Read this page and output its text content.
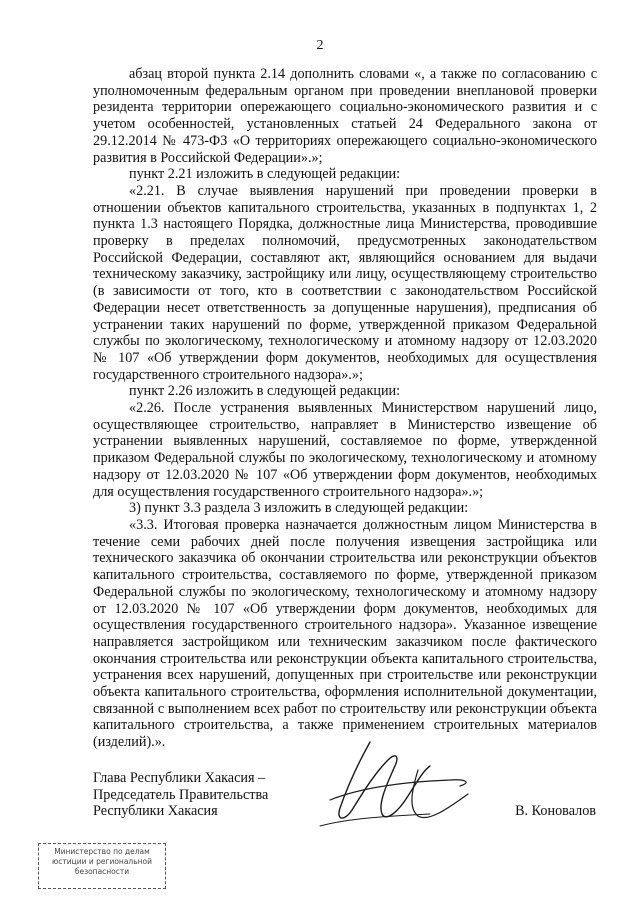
2

абзац второй пункта 2.14 дополнить словами «, а также по согласованию с уполномоченным федеральным органом при проведении внеплановой проверки резидента территории опережающего социально-экономического развития и с учетом особенностей, установленных статьей 24 Федерального закона от 29.12.2014 № 473-ФЗ «О территориях опережающего социально-экономического развития в Российской Федерации».»;

пункт 2.21 изложить в следующей редакции:

«2.21. В случае выявления нарушений при проведении проверки в отношении объектов капитального строительства, указанных в подпунктах 1, 2 пункта 1.3 настоящего Порядка, должностные лица Министерства, проводившие проверку в пределах полномочий, предусмотренных законодательством Российской Федерации, составляют акт, являющийся основанием для выдачи техническому заказчику, застройщику или лицу, осуществляющему строительство (в зависимости от того, кто в соответствии с законодательством Российской Федерации несет ответственность за допущенные нарушения), предписания об устранении таких нарушений по форме, утвержденной приказом Федеральной службы по экологическому, технологическому и атомному надзору от 12.03.2020 № 107 «Об утверждении форм документов, необходимых для осуществления государственного строительного надзора».»;

пункт 2.26 изложить в следующей редакции:

«2.26. После устранения выявленных Министерством нарушений лицо, осуществляющее строительство, направляет в Министерство извещение об устранении выявленных нарушений, составляемое по форме, утвержденной приказом Федеральной службы по экологическому, технологическому и атомному надзору от 12.03.2020 № 107 «Об утверждении форм документов, необходимых для осуществления государственного строительного надзора».»;

3) пункт 3.3 раздела 3 изложить в следующей редакции:

«3.3. Итоговая проверка назначается должностным лицом Министерства в течение семи рабочих дней после получения извещения застройщика или технического заказчика об окончании строительства или реконструкции объектов капитального строительства, составляемого по форме, утвержденной приказом Федеральной службы по экологическому, технологическому и атомному надзору от 12.03.2020 № 107 «Об утверждении форм документов, необходимых для осуществления государственного строительного надзора». Указанное извещение направляется застройщиком или техническим заказчиком после фактического окончания строительства или реконструкции объекта капитального строительства, устранения всех нарушений, допущенных при строительстве или реконструкции объекта капитального строительства, оформления исполнительной документации, связанной с выполнением всех работ по строительству или реконструкции объекта капитального строительства, а также применением строительных материалов (изделий).».

Глава Республики Хакасия –
Председатель Правительства
Республики Хакасия	В. Коновалов
Министерство по делам
юстиции и региональной
безопасности
